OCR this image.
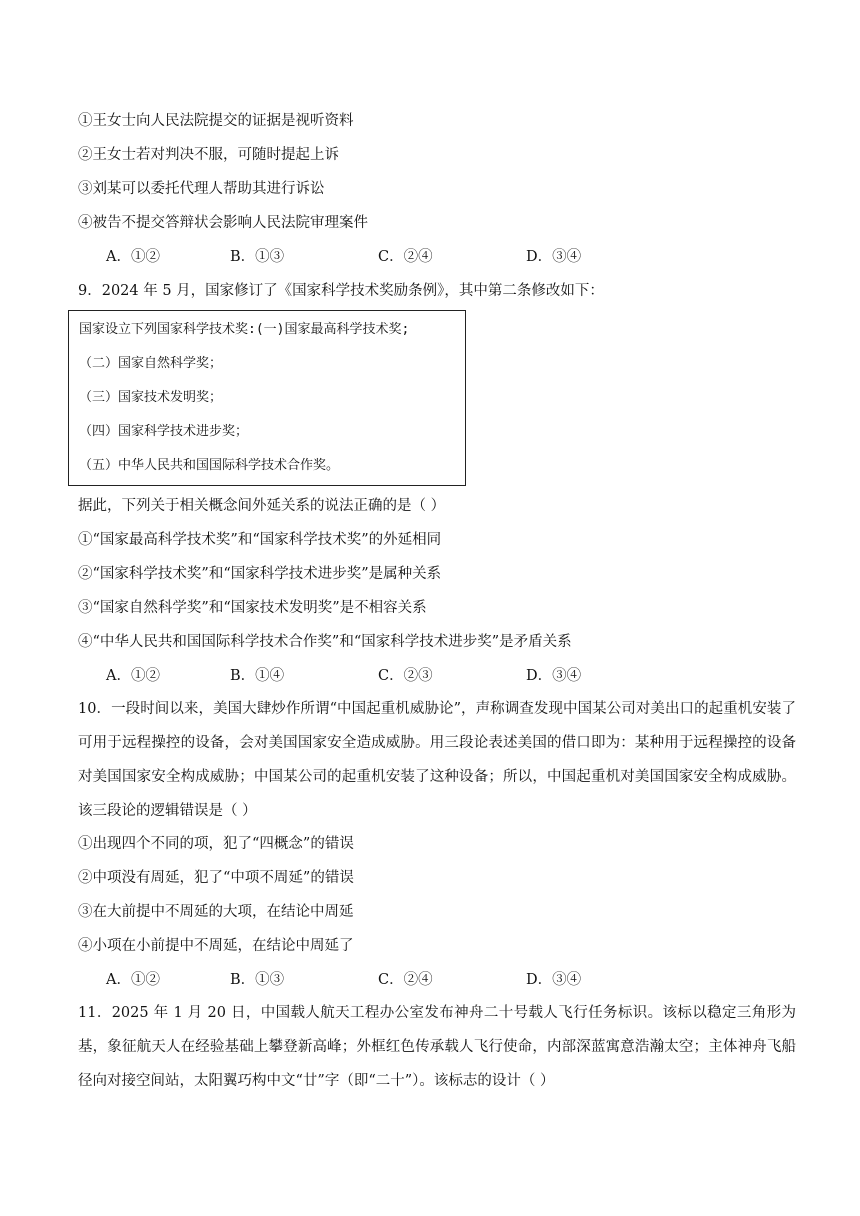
①王女士向人民法院提交的证据是视听资料
②王女士若对判决不服，可随时提起上诉
③刘某可以委托代理人帮助其进行诉讼
④被告不提交答辩状会影响人民法院审理案件
A．①②	B．①③	C．②④	D．③④
9．2024 年 5 月，国家修订了《国家科学技术奖励条例》，其中第二条修改如下：
国家设立下列国家科学技术奖:(一)国家最高科学技术奖;
（二）国家自然科学奖；
（三）国家技术发明奖；
（四）国家科学技术进步奖；
（五）中华人民共和国国际科学技术合作奖。
据此，下列关于相关概念间外延关系的说法正确的是（ ）
①“国家最高科学技术奖”和“国家科学技术奖”的外延相同
②“国家科学技术奖”和“国家科学技术进步奖”是属种关系
③“国家自然科学奖”和“国家技术发明奖”是不相容关系
④“中华人民共和国国际科学技术合作奖”和“国家科学技术进步奖”是矛盾关系
A．①②	B．①④	C．②③	D．③④
10．一段时间以来，美国大肆炒作所谓“中国起重机威胁论”，声称调查发现中国某公司对美出口的起重机安装了可用于远程操控的设备，会对美国国家安全造成威胁。用三段论表述美国的借口即为：某种用于远程操控的设备对美国国家安全构成威胁；中国某公司的起重机安装了这种设备；所以，中国起重机对美国国家安全构成威胁。该三段论的逻辑错误是（ ）
①出现四个不同的项，犯了“四概念”的错误
②中项没有周延，犯了“中项不周延”的错误
③在大前提中不周延的大项，在结论中周延
④小项在小前提中不周延，在结论中周延了
A．①②	B．①③	C．②④	D．③④
11．2025 年 1 月 20 日，中国载人航天工程办公室发布神舟二十号载人飞行任务标识。该标以稳定三角形为基，象征航天人在经验基础上攀登新高峰；外框红色传承载人飞行使命，内部深蓝寓意浩瀚太空；主体神舟飞船径向对接空间站，太阳翼巧构中文“廿”字（即“二十”）。该标志的设计（ ）
